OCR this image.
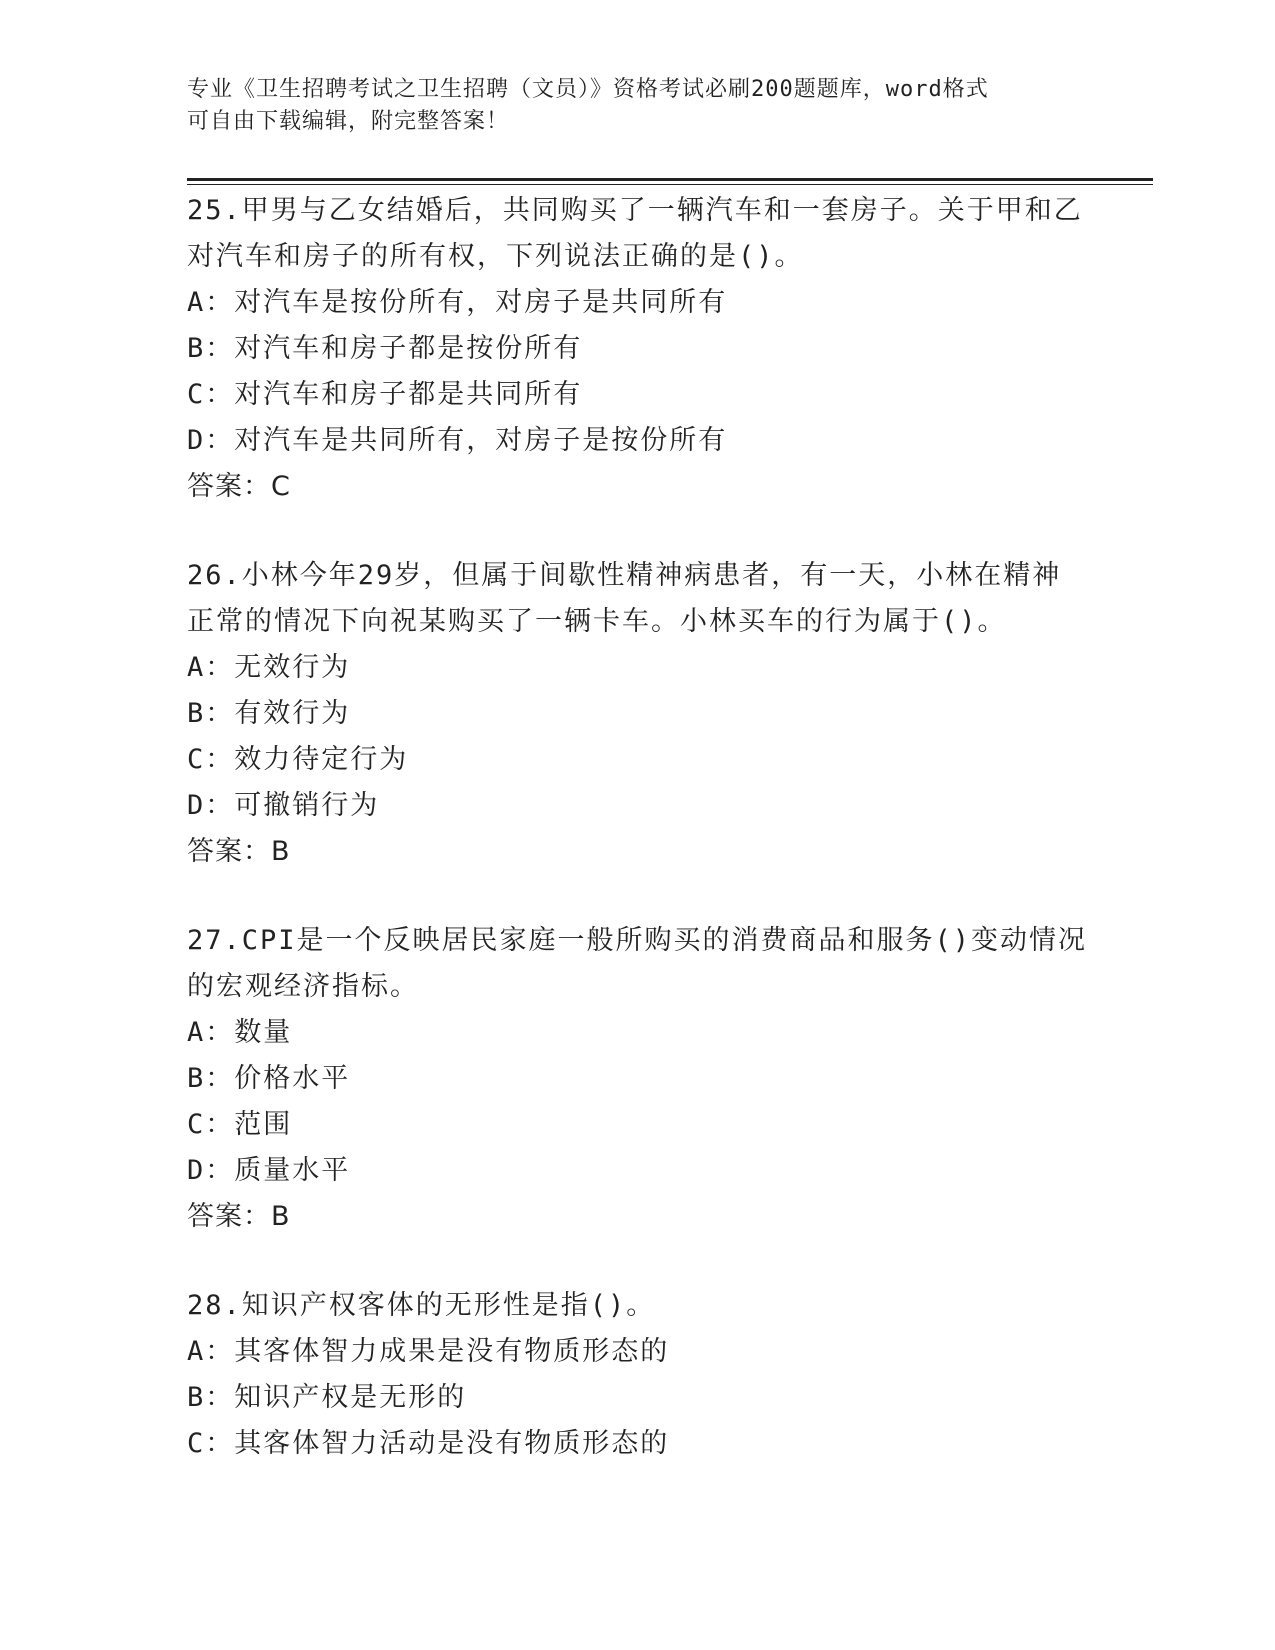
专业《卫生招聘考试之卫生招聘（文员）》资格考试必刷200题题库，word格式
可自由下载编辑，附完整答案！
25.甲男与乙女结婚后，共同购买了一辆汽车和一套房子。关于甲和乙
对汽车和房子的所有权，下列说法正确的是()。
A：对汽车是按份所有，对房子是共同所有
B：对汽车和房子都是按份所有
C：对汽车和房子都是共同所有
D：对汽车是共同所有，对房子是按份所有
答案：C
26.小林今年29岁，但属于间歇性精神病患者，有一天，小林在精神
正常的情况下向祝某购买了一辆卡车。小林买车的行为属于()。
A：无效行为
B：有效行为
C：效力待定行为
D：可撤销行为
答案：B
27.CPI是一个反映居民家庭一般所购买的消费商品和服务()变动情况
的宏观经济指标。
A：数量
B：价格水平
C：范围
D：质量水平
答案：B
28.知识产权客体的无形性是指()。
A：其客体智力成果是没有物质形态的
B：知识产权是无形的
C：其客体智力活动是没有物质形态的
